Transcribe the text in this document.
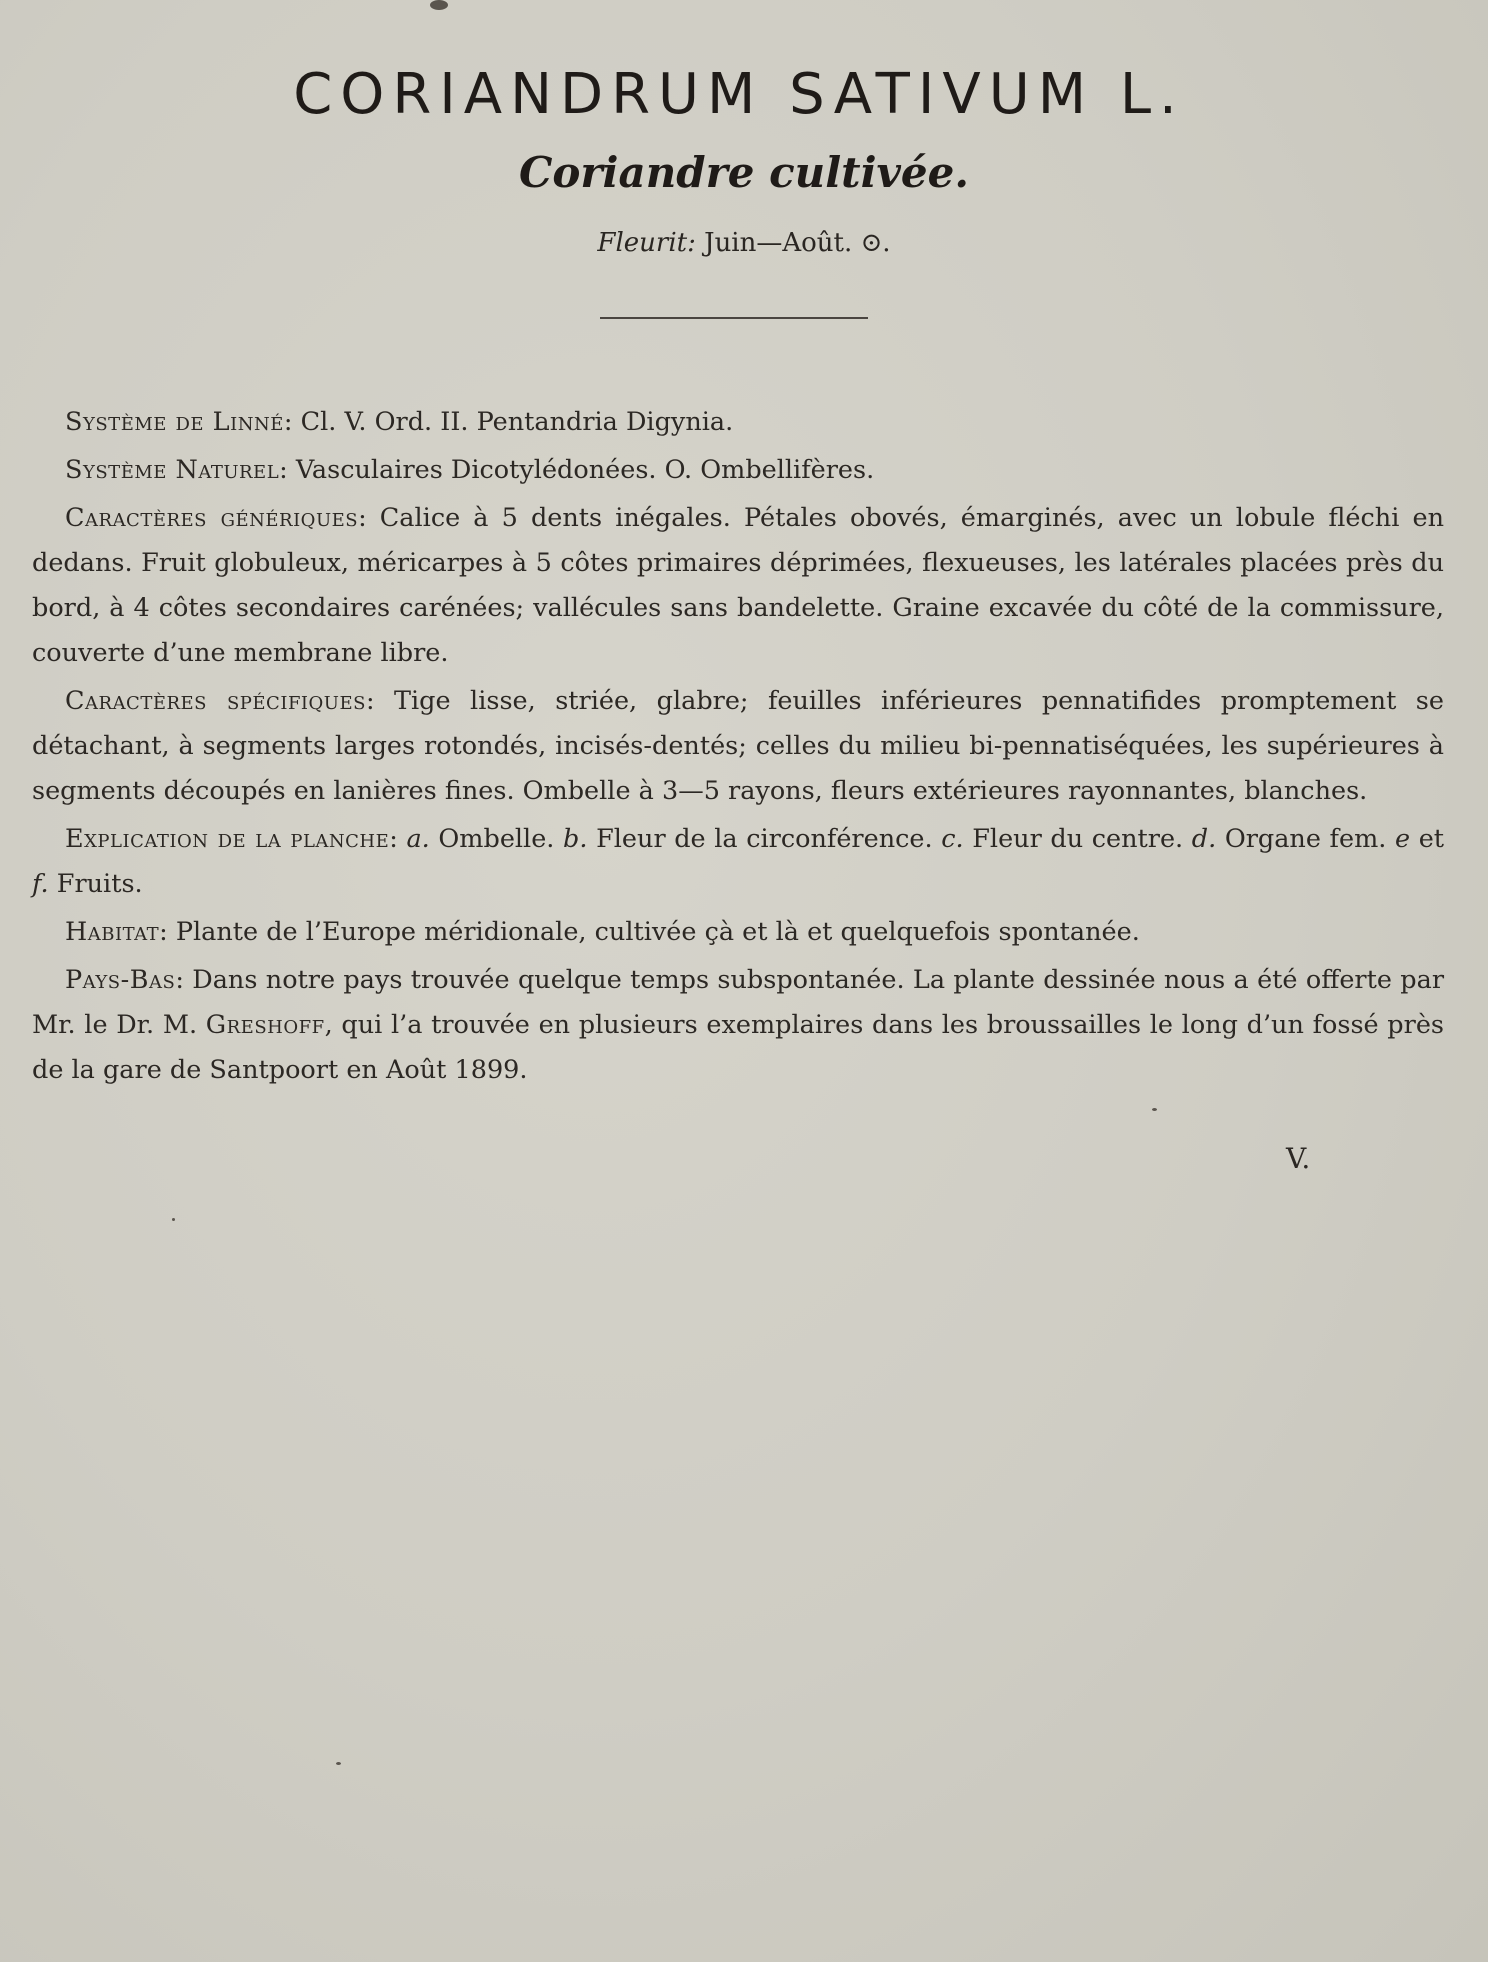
CORIANDRUM SATIVUM L.
Coriandre cultivée.

Fleurit: Juin—Août. ⊙.

Système de Linné: Cl. V. Ord. II. Pentandria Digynia.

Système Naturel: Vasculaires Dicotylédonées. O. Ombellifères.

Caractères génériques: Calice à 5 dents inégales. Pétales obovés, émarginés, avec un lobule fléchi en dedans. Fruit globuleux, méricarpes à 5 côtes primaires déprimées, flexueuses, les latérales placées près du bord, à 4 côtes secondaires carénées; vallécules sans bandelette. Graine excavée du côté de la commissure, couverte d’une membrane libre.

Caractères spécifiques: Tige lisse, striée, glabre; feuilles inférieures pennatifides promptement se détachant, à segments larges rotondés, incisés-dentés; celles du milieu bi-pennatiséquées, les supérieures à segments découpés en lanières fines. Ombelle à 3—5 rayons, fleurs extérieures rayonnantes, blanches.

Explication de la planche: a. Ombelle. b. Fleur de la circonférence. c. Fleur du centre. d. Organe fem. e et f. Fruits.

Habitat: Plante de l’Europe méridionale, cultivée çà et là et quelquefois spontanée.

Pays-Bas: Dans notre pays trouvée quelque temps subspontanée. La plante dessinée nous a été offerte par Mr. le Dr. M. Greshoff, qui l’a trouvée en plusieurs exemplaires dans les broussailles le long d’un fossé près de la gare de Santpoort en Août 1899.

V.
